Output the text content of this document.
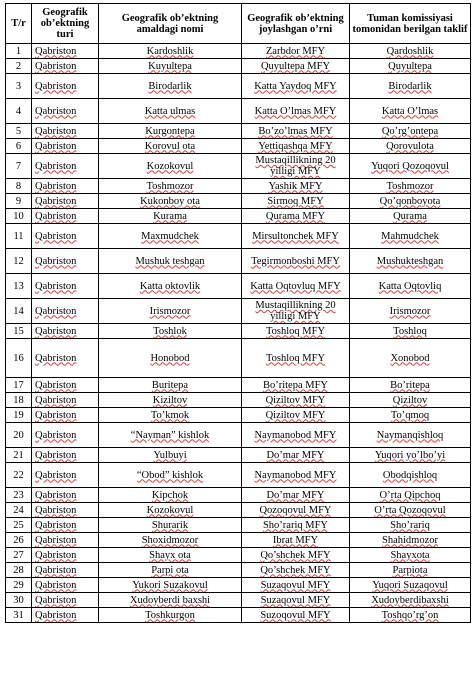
T/r	Geografik ob’ektning turi	Geografik ob’ektning amaldagi nomi	Geografik ob’ektning joylashgan o’rni	Tuman komissiyasi tomonidan berilgan taklif
1	Qabriston	Kardoshlik	Zarbdor MFY	Qardoshlik
2	Qabriston	Kuyultepa	Quyultepa MFY	Quyultepa
3	Qabriston	Birodarlik	Katta Yaydoq MFY	Birodarlik
4	Qabriston	Katta ulmas	Katta O’lmas MFY	Katta O’lmas
5	Qabriston	Kurgontepa	Bo’zo’lmas MFY	Qo’rg’ontepa
6	Qabriston	Korovul ota	Yettiqashqa MFY	Qorovulota
7	Qabriston	Kozokovul	Mustaqillikning 20 yilligi MFY	Yuqori Qozoqovul
8	Qabriston	Toshmozor	Yashik MFY	Toshmozor
9	Qabriston	Kukonboy ota	Sirmoq MFY	Qo’qonboyota
10	Qabriston	Kurama	Qurama MFY	Qurama
11	Qabriston	Maxmudchek	Mirsultonchek MFY	Mahmudchek
12	Qabriston	Mushuk teshgan	Tegirmonboshi MFY	Mushukteshgan
13	Qabriston	Katta oktovlik	Katta Oqtovluq MFY	Katta Oqtovliq
14	Qabriston	Irismozor	Mustaqillikning 20 yilligi MFY	Irismozor
15	Qabriston	Toshlok	Toshloq MFY	Toshloq
16	Qabriston	Honobod	Toshloq MFY	Xonobod
17	Qabriston	Buritepa	Bo’ritepa MFY	Bo’ritepa
18	Qabriston	Kiziltov	Qiziltov MFY	Qiziltov
19	Qabriston	To’kmok	Qiziltov MFY	To’qmoq
20	Qabriston	“Nayman” kishlok	Naymanobod MFY	Naymanqishloq
21	Qabriston	Yulbuyi	Do’mar MFY	Yuqori yo’lbo’yi
22	Qabriston	“Obod” kishlok	Naymanobod MFY	Obodqishloq
23	Qabriston	Kipchok	Do’mar MFY	O’rta Qipchoq
24	Qabriston	Kozokovul	Qozoqovul MFY	O’rta Qozoqovul
25	Qabriston	Shurarik	Sho’rariq MFY	Sho’rariq
26	Qabriston	Shoxidmozor	Ibrat MFY	Shahidmozor
27	Qabriston	Shayx ota	Qo’shchek MFY	Shayxota
28	Qabriston	Parpi ota	Qo’shchek MFY	Parpiota
29	Qabriston	Yukori Suzakovul	Suzaqovul MFY	Yuqori Suzaqovul
30	Qabriston	Xudoyberdi baxshi	Suzaqovul MFY	Xudoyberdibaxshi
31	Qabriston	Toshkurgon	Suzoqovul MFY	Toshqo’rg’on
